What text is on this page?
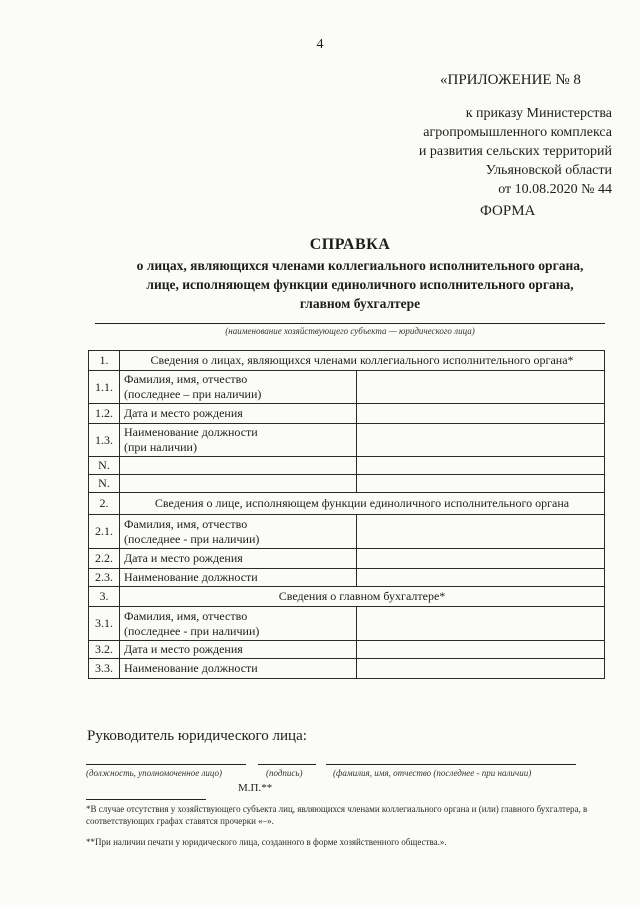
4
«ПРИЛОЖЕНИЕ № 8
к приказу Министерства
агропромышленного комплекса
и развития сельских территорий
Ульяновской области
от 10.08.2020 № 44
ФОРМА
СПРАВКА
о лицах, являющихся членами коллегиального исполнительного органа,
лице, исполняющем функции единоличного исполнительного органа,
главном бухгалтере
(наименование хозяйствующего субъекта — юридического лица)
1.	Сведения о лицах, являющихся членами коллегиального исполнительного органа*	
1.1.	Фамилия, имя, отчество
(последнее – при наличии)	
1.2.	Дата и место рождения	
1.3.	Наименование должности
(при наличии)	
N.		
N.		
2.	Сведения о лице, исполняющем функции единоличного исполнительного органа	
2.1.	Фамилия, имя, отчество
(последнее - при наличии)	
2.2.	Дата и место рождения	
2.3.	Наименование должности	
3.	Сведения о главном бухгалтере*	
3.1.	Фамилия, имя, отчество
(последнее - при наличии)	
3.2.	Дата и место рождения	
3.3.	Наименование должности	
Руководитель юридического лица:
(должность, уполномоченное лицо)	(подпись)	(фамилия, имя, отчество (последнее - при наличии)
М.П.**
*В случае отсутствия у хозяйствующего субъекта лиц, являющихся членами коллегиального органа и (или) главного бухгалтера, в соответствующих графах ставятся прочерки «–».
**При наличии печати у юридического лица, созданного в форме хозяйственного общества.».
